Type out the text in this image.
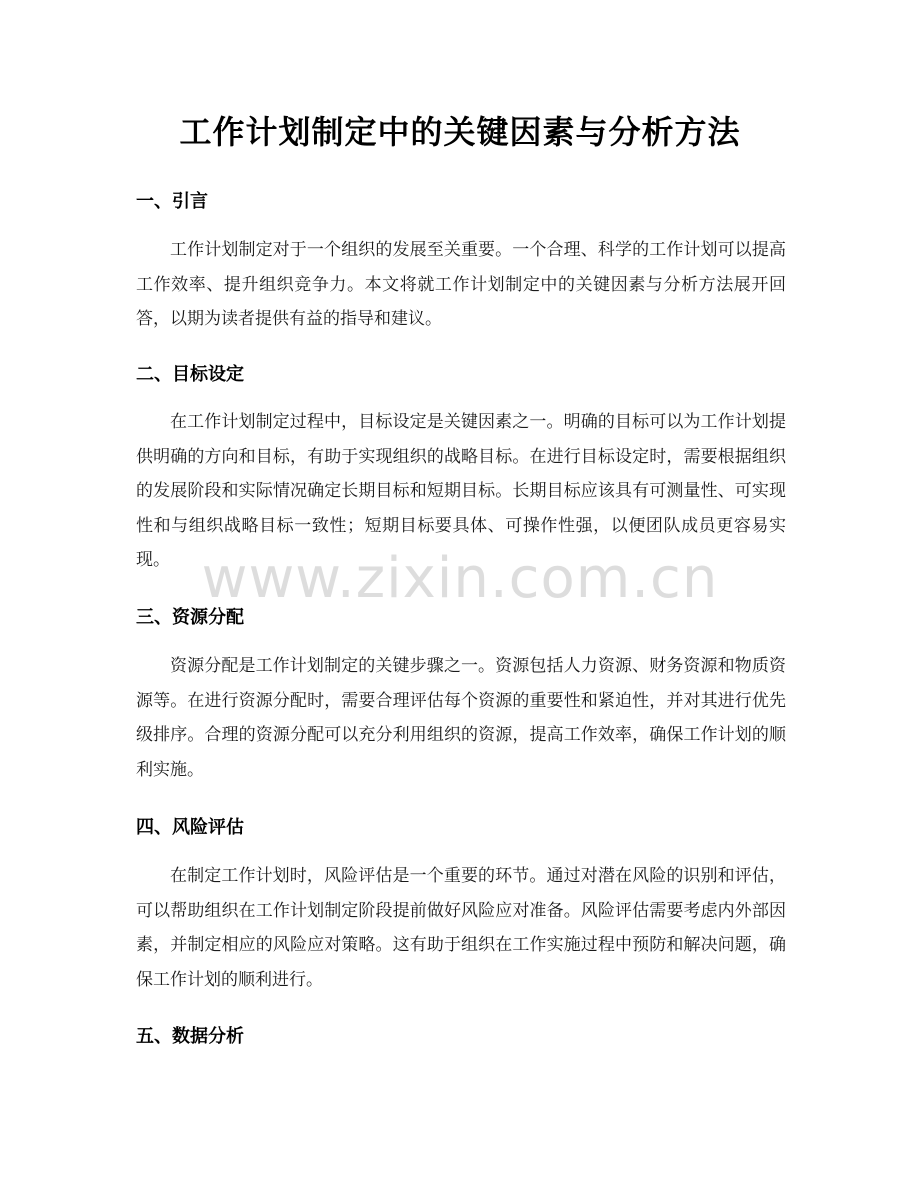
工作计划制定中的关键因素与分析方法
一、引言

工作计划制定对于一个组织的发展至关重要。一个合理、科学的工作计划可以提高工作效率、提升组织竞争力。本文将就工作计划制定中的关键因素与分析方法展开回答，以期为读者提供有益的指导和建议。

二、目标设定

在工作计划制定过程中，目标设定是关键因素之一。明确的目标可以为工作计划提供明确的方向和目标，有助于实现组织的战略目标。在进行目标设定时，需要根据组织的发展阶段和实际情况确定长期目标和短期目标。长期目标应该具有可测量性、可实现性和与组织战略目标一致性；短期目标要具体、可操作性强，以便团队成员更容易实现。

三、资源分配

资源分配是工作计划制定的关键步骤之一。资源包括人力资源、财务资源和物质资源等。在进行资源分配时，需要合理评估每个资源的重要性和紧迫性，并对其进行优先级排序。合理的资源分配可以充分利用组织的资源，提高工作效率，确保工作计划的顺利实施。

四、风险评估

在制定工作计划时，风险评估是一个重要的环节。通过对潜在风险的识别和评估，可以帮助组织在工作计划制定阶段提前做好风险应对准备。风险评估需要考虑内外部因素，并制定相应的风险应对策略。这有助于组织在工作实施过程中预防和解决问题，确保工作计划的顺利进行。

五、数据分析
www.zixin.com.cn
